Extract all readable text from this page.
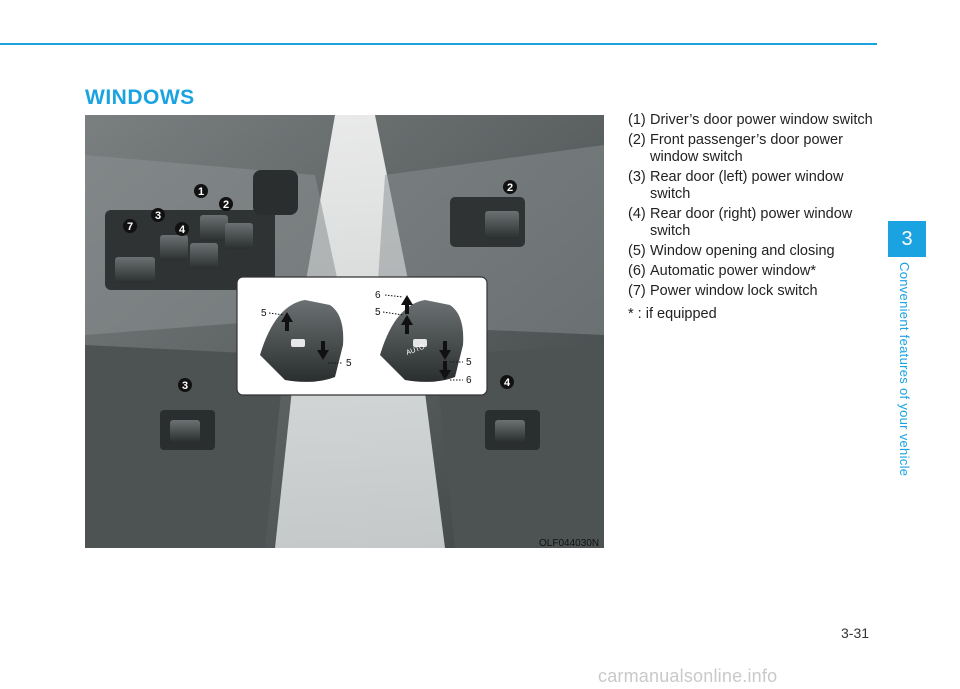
WINDOWS
1
2
3
4
7
2
3	4
AUTO
5
5
6
5
5
6
OLF044030N
(1) Driver’s door power window switch
(2) Front passenger’s door power window switch
(3) Rear door (left) power window switch
(4) Rear door (right) power window switch
(5) Window opening and closing
(6) Automatic power window*
(7) Power window lock switch
* : if equipped
3
Convenient features of your vehicle
3-31
carmanualsonline.info
